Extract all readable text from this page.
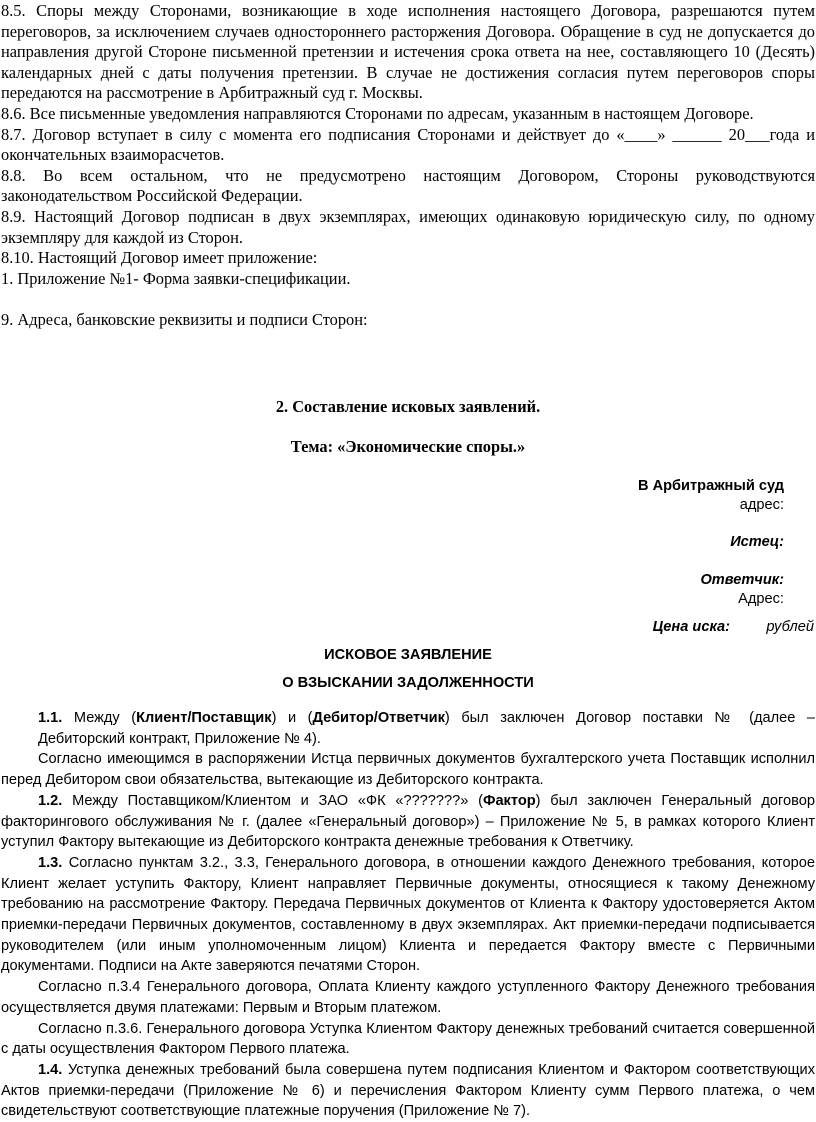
8.5. Споры между Сторонами, возникающие в ходе исполнения настоящего Договора, разрешаются путем переговоров, за исключением случаев одностороннего расторжения Договора. Обращение в суд не допускается до направления другой Стороне письменной претензии и истечения срока ответа на нее, составляющего 10 (Десять) календарных дней с даты получения претензии. В случае не достижения согласия путем переговоров споры передаются на рассмотрение в Арбитражный суд г. Москвы.

8.6. Все письменные уведомления направляются Сторонами по адресам, указанным в настоящем Договоре.

8.7. Договор вступает в силу с момента его подписания Сторонами и действует до «____» ______ 20___года и окончательных взаиморасчетов.

8.8. Во всем остальном, что не предусмотрено настоящим Договором, Стороны руководствуются законодательством Российской Федерации.

8.9. Настоящий Договор подписан в двух экземплярах, имеющих одинаковую юридическую силу, по одному экземпляру для каждой из Сторон.

8.10. Настоящий Договор имеет приложение:

1. Приложение №1- Форма заявки-спецификации.

9. Адреса, банковские реквизиты и подписи Сторон:

2. Составление исковых заявлений.
Тема: «Экономические споры.»
В Арбитражный суд
адрес:
Истец:
Ответчик:
Адрес:
Цена иска: рублей
ИСКОВОЕ ЗАЯВЛЕНИЕ
О ВЗЫСКАНИИ ЗАДОЛЖЕННОСТИ

1.1. Между (Клиент/Поставщик) и (Дебитор/Ответчик) был заключен Договор поставки № (далее – Дебиторский контракт, Приложение № 4).

Согласно имеющимся в распоряжении Истца первичных документов бухгалтерского учета Поставщик исполнил перед Дебитором свои обязательства, вытекающие из Дебиторского контракта.

1.2. Между Поставщиком/Клиентом и ЗАО «ФК «???????» (Фактор) был заключен Генеральный договор факторингового обслуживания № г. (далее «Генеральный договор») – Приложение № 5, в рамках которого Клиент уступил Фактору вытекающие из Дебиторского контракта денежные требования к Ответчику.

1.3. Согласно пунктам 3.2., 3.3, Генерального договора, в отношении каждого Денежного требования, которое Клиент желает уступить Фактору, Клиент направляет Первичные документы, относящиеся к такому Денежному требованию на рассмотрение Фактору. Передача Первичных документов от Клиента к Фактору удостоверяется Актом приемки-передачи Первичных документов, составленному в двух экземплярах. Акт приемки-передачи подписывается руководителем (или иным уполномоченным лицом) Клиента и передается Фактору вместе с Первичными документами. Подписи на Акте заверяются печатями Сторон.

Согласно п.3.4 Генерального договора, Оплата Клиенту каждого уступленного Фактору Денежного требования осуществляется двумя платежами: Первым и Вторым платежом.

Согласно п.3.6. Генерального договора Уступка Клиентом Фактору денежных требований считается совершенной с даты осуществления Фактором Первого платежа.

1.4. Уступка денежных требований была совершена путем подписания Клиентом и Фактором соответствующих Актов приемки-передачи (Приложение № 6) и перечисления Фактором Клиенту сумм Первого платежа, о чем свидетельствуют соответствующие платежные поручения (Приложение № 7).
